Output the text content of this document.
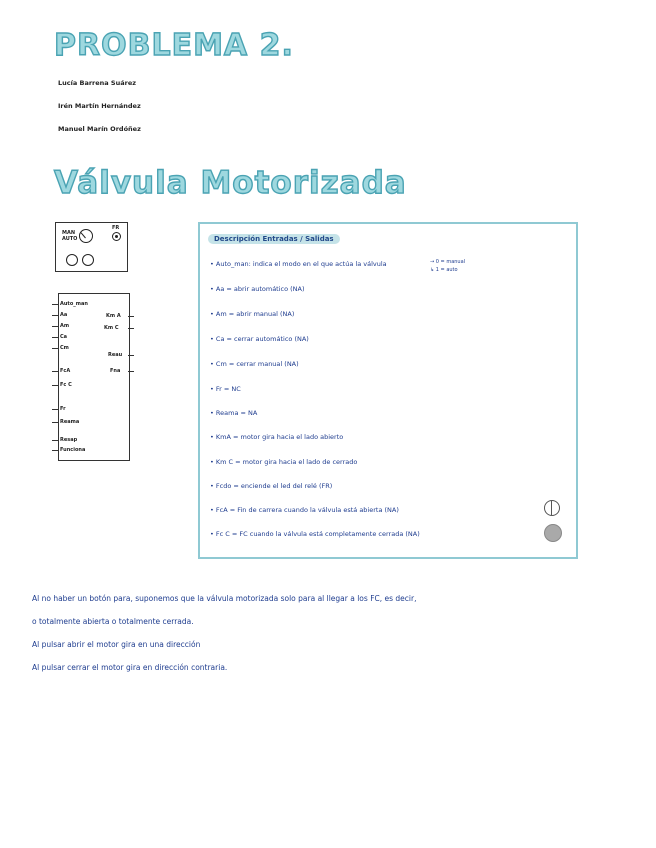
PROBLEMA 2.
Lucía Barrena Suárez
Irén Martín Hernández
Manuel Marín Ordóñez
Válvula Motorizada
MAN
AUTO
FR
Auto_man
Aa
Am
Ca
Cm
FcA
Fc C
Fr
Reama
Resap
Funciona
Km A
Km C
Reau
Fna
Descripción Entradas / Salidas
• Auto_man: indica el modo en el que actúa la válvula
• Aa = abrir automático (NA)
• Am = abrir manual (NA)
• Ca = cerrar automático (NA)
• Cm = cerrar manual (NA)
• Fr = NC
• Reama = NA
• KmA = motor gira hacia el lado abierto
• Km C = motor gira hacia el lado de cerrado
• Fcdo = enciende el led del relé (FR)
• FcA = Fin de carrera cuando la válvula está abierta (NA)
• Fc C = FC cuando la válvula está completamente cerrada (NA)
→ 0 = manual
↳ 1 = auto
Al no haber un botón para, suponemos que la válvula motorizada solo para al llegar a los FC, es decir,
o totalmente abierta o totalmente cerrada.
Al pulsar abrir el motor gira en una dirección
Al pulsar cerrar el motor gira en dirección contraria.
